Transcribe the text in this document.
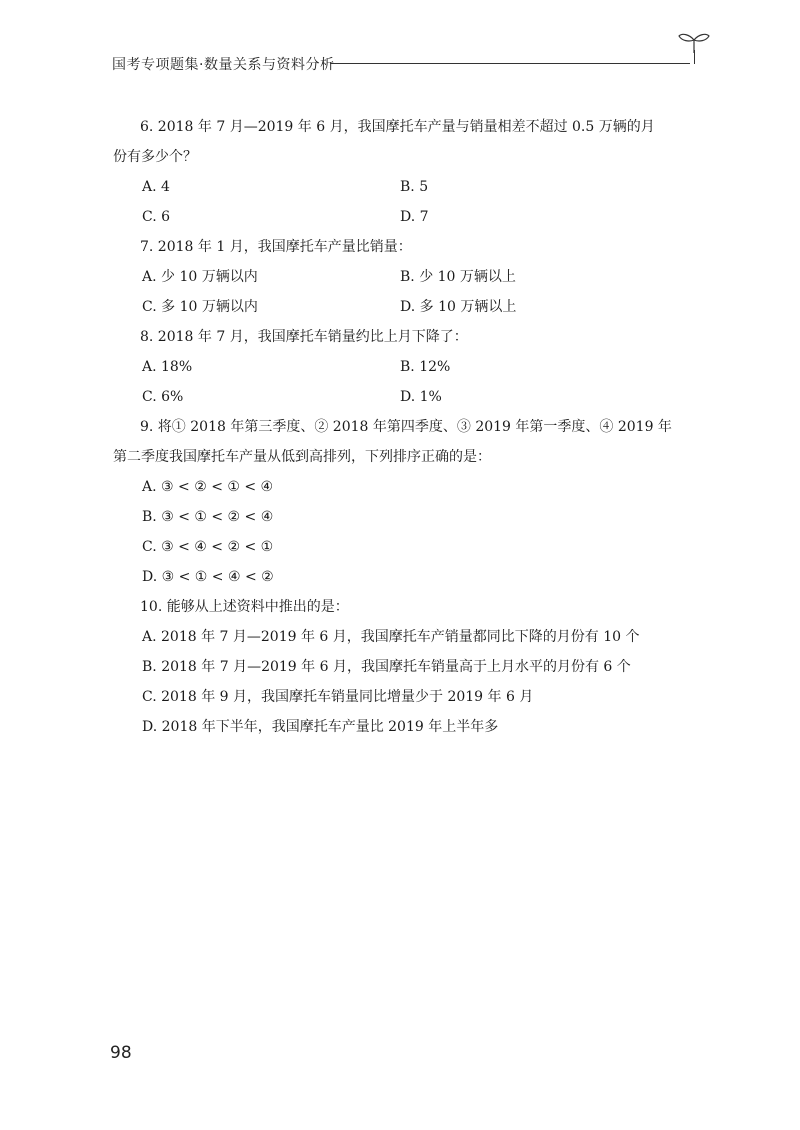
国考专项题集·数量关系与资料分析
6. 2018 年 7 月—2019 年 6 月，我国摩托车产量与销量相差不超过 0.5 万辆的月
份有多少个？
A. 4	B. 5
C. 6	D. 7
7. 2018 年 1 月，我国摩托车产量比销量：
A. 少 10 万辆以内	B. 少 10 万辆以上
C. 多 10 万辆以内	D. 多 10 万辆以上
8. 2018 年 7 月，我国摩托车销量约比上月下降了：
A. 18%	B. 12%
C. 6%	D. 1%
9. 将① 2018 年第三季度、② 2018 年第四季度、③ 2019 年第一季度、④ 2019 年
第二季度我国摩托车产量从低到高排列，下列排序正确的是：
A. ③ < ② < ① < ④
B. ③ < ① < ② < ④
C. ③ < ④ < ② < ①
D. ③ < ① < ④ < ②
10. 能够从上述资料中推出的是：
A. 2018 年 7 月—2019 年 6 月，我国摩托车产销量都同比下降的月份有 10 个
B. 2018 年 7 月—2019 年 6 月，我国摩托车销量高于上月水平的月份有 6 个
C. 2018 年 9 月，我国摩托车销量同比增量少于 2019 年 6 月
D. 2018 年下半年，我国摩托车产量比 2019 年上半年多
98
